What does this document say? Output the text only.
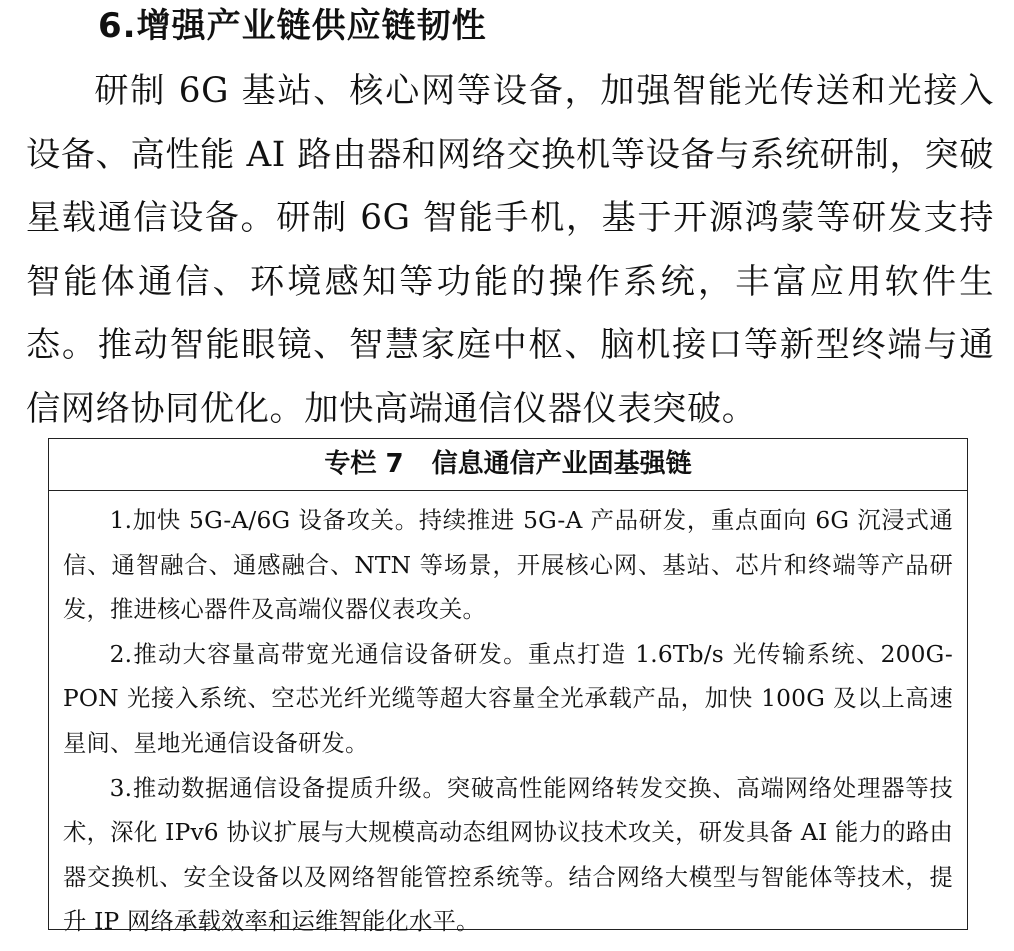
6.增强产业链供应链韧性

研制 6G 基站、核心网等设备，加强智能光传送和光接入设备、高性能 AI 路由器和网络交换机等设备与系统研制，突破星载通信设备。研制 6G 智能手机，基于开源鸿蒙等研发支持智能体通信、环境感知等功能的操作系统，丰富应用软件生态。推动智能眼镜、智慧家庭中枢、脑机接口等新型终端与通信网络协同优化。加快高端通信仪器仪表突破。

专栏 7 信息通信产业固基强链

1.加快 5G-A/6G 设备攻关。持续推进 5G-A 产品研发，重点面向 6G 沉浸式通信、通智融合、通感融合、NTN 等场景，开展核心网、基站、芯片和终端等产品研发，推进核心器件及高端仪器仪表攻关。

2.推动大容量高带宽光通信设备研发。重点打造 1.6Tb/s 光传输系统、200G-PON 光接入系统、空芯光纤光缆等超大容量全光承载产品，加快 100G 及以上高速星间、星地光通信设备研发。

3.推动数据通信设备提质升级。突破高性能网络转发交换、高端网络处理器等技术，深化 IPv6 协议扩展与大规模高动态组网协议技术攻关，研发具备 AI 能力的路由器交换机、安全设备以及网络智能管控系统等。结合网络大模型与智能体等技术，提升 IP 网络承载效率和运维智能化水平。
